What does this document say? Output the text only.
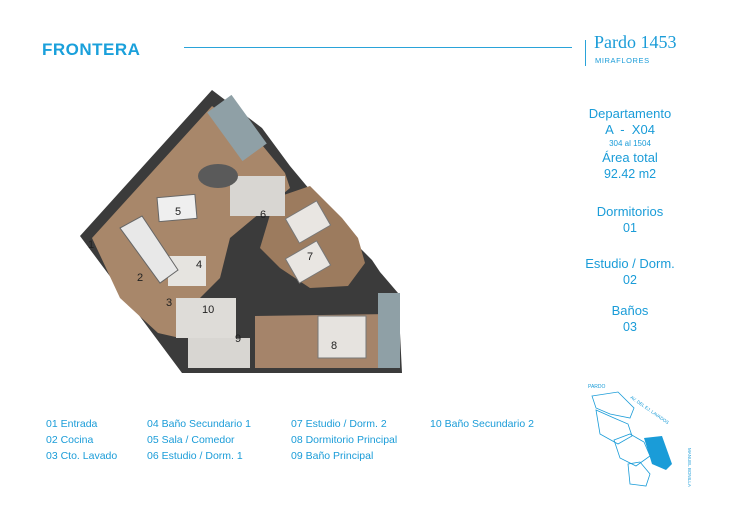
FRONTERA	Pardo 1453
MIRAFLORES
Departamento
A  -  X04
304 al 1504
Área total
92.42 m2
Dormitorios
01
Estudio / Dorm.
02
Baños
03
1
2
3
4
5	6
7
8
9
10
01 Entrada
02 Cocina
03 Cto. Lavado
04 Baño Secundario 1
05 Sala / Comedor
06 Estudio / Dorm. 1
07 Estudio / Dorm. 2
08 Dormitorio Principal
09 Baño Principal
10 Baño Secundario 2
PARDO
AV. DEL EJ. LAVADOS
MANUEL BONILLA
